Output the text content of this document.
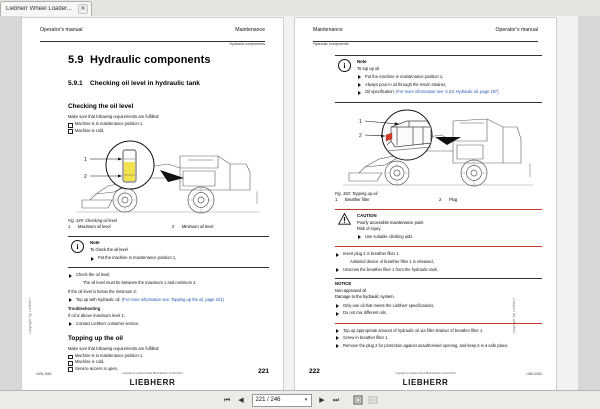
Liebherr Wheel Loader...	✕
Operator's manual	Maintenance
Hydraulic components
copyright by Liebherr
5.9 Hydraulic components
5.9.1 Checking oil level in hydraulic tank
Checking the oil level

Make sure that following requirements are fulfilled:

Machine is in maintenance position 1,
Machine is cold,
1
2
LWN/10037

Fig. 349: Checking oil level

1 Maximum oil level	2 Minimum oil level
i

Note

To check the oil level

Put the machine in maintenance position 1,
Check the oil level,
The oil level must be between the maximum 1 and minimum 2.

If the oil level is below the minimum 2:

Top up with hydraulic oil. (For more information see: Topping up the oil, page 221)

Troubleshooting

If oil is above maximum level 1:

Contact Liebherr customer service.
Topping up the oil

Make sure that following requirements are fulfilled:

Machine is in maintenance position 1,
Machine is cold,
Service access is open,
LWN-1562	copyright by Liebherr-Werk Bischofshofen GmbH 2014
LIEBHERR
221
Maintenance	Operator's manual
Hydraulic components
copyright by Liebherr
i

Note

To top up oil

Put the machine in maintenance position 1,
Always pour in oil through the return strainer,
Oil specification: (For more information see: 5.3.6 Hydraulic oil, page 187)
1
2
LWN/10038

Fig. 350: Topping up oil

1 Breather filter	2 Plug

CAUTION

Poorly accessible maintenance point

Risk of injury.

Use suitable climbing aids.
Insert plug 2 in breather filter 1.
Antiwind device of breather filter 1 is released,
Unscrew the breather filter 1 from the hydraulic tank,

NOTICE

Non-approved oil

Damage to the hydraulic system,

Only use oil that meets the Liebherr specifications,
Do not mix different oils.
Top up appropriate amount of hydraulic oil via filler strainer of breather filter 1.
Screw in breather filter 1.
Remove the plug 2 for protection against unauthorised opening, and keep it in a safe place,
222	copyright by Liebherr-Werk Bischofshofen GmbH 2014
LIEBHERR
LWN-1562
⏮	◀	221 / 246	▾	▶	⏭
